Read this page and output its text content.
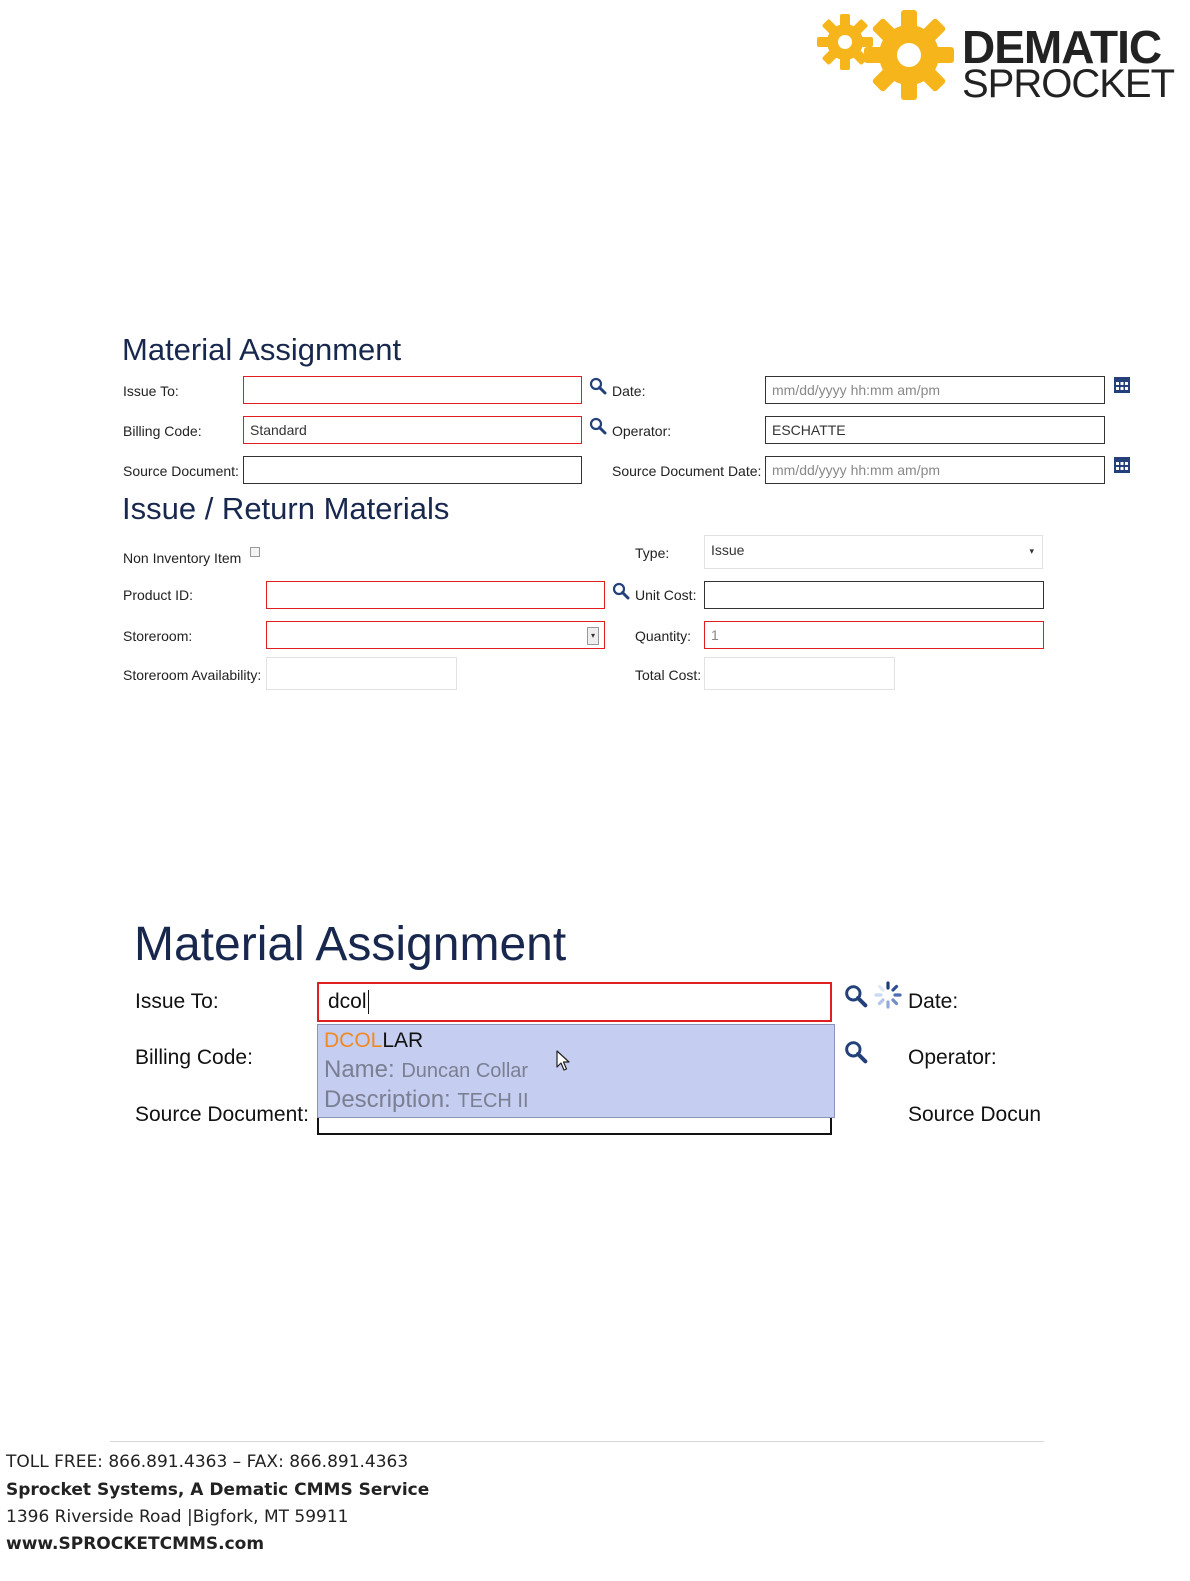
DEMATIC
SPROCKET
Material Assignment
Issue To:	Date:	mm/dd/yyyy hh:mm am/pm
Billing Code:	Standard	Operator:	ESCHATTE
Source Document:	Source Document Date: mm/dd/yyyy hh:mm am/pm
Issue / Return Materials
Non Inventory Item	Type:	Issue	▾
Product ID:	Unit Cost:
Storeroom:	▾	Quantity:	1
Storeroom Availability:	Total Cost:
Material Assignment
Issue To:	dcol	Date:
Billing Code:	Operator:
Source Document:	Source Docun
DCOLLAR
Name: Duncan Collar
Description: TECH II
TOLL FREE: 866.891.4363 – FAX: 866.891.4363
Sprocket Systems, A Dematic CMMS Service
1396 Riverside Road |Bigfork, MT 59911
www.SPROCKETCMMS.com
